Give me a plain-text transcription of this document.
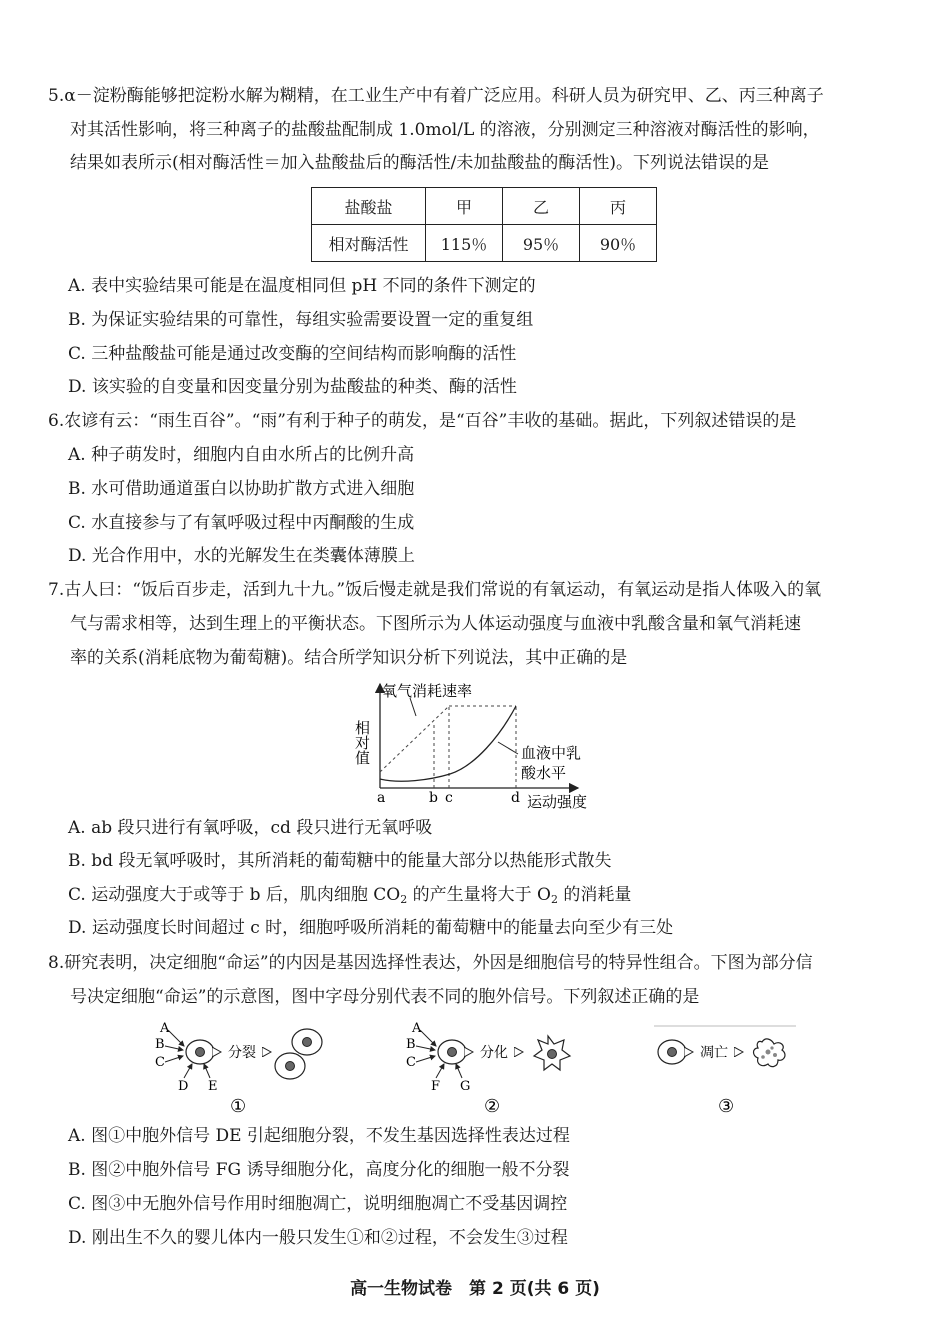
5.α－淀粉酶能够把淀粉水解为糊精，在工业生产中有着广泛应用。科研人员为研究甲、乙、丙三种离子
对其活性影响，将三种离子的盐酸盐配制成 1.0mol/L 的溶液，分别测定三种溶液对酶活性的影响，
结果如表所示(相对酶活性＝加入盐酸盐后的酶活性/未加盐酸盐的酶活性)。下列说法错误的是
盐酸盐	甲	乙	丙
相对酶活性	115％	95％	90％
A. 表中实验结果可能是在温度相同但 pH 不同的条件下测定的
B. 为保证实验结果的可靠性，每组实验需要设置一定的重复组
C. 三种盐酸盐可能是通过改变酶的空间结构而影响酶的活性
D. 该实验的自变量和因变量分别为盐酸盐的种类、酶的活性
6.农谚有云：“雨生百谷”。“雨”有利于种子的萌发，是“百谷”丰收的基础。据此，下列叙述错误的是
A. 种子萌发时，细胞内自由水所占的比例升高
B. 水可借助通道蛋白以协助扩散方式进入细胞
C. 水直接参与了有氧呼吸过程中丙酮酸的生成
D. 光合作用中，水的光解发生在类囊体薄膜上
7.古人曰：“饭后百步走，活到九十九。”饭后慢走就是我们常说的有氧运动，有氧运动是指人体吸入的氧
气与需求相等，达到生理上的平衡状态。下图所示为人体运动强度与血液中乳酸含量和氧气消耗速
率的关系(消耗底物为葡萄糖)。结合所学知识分析下列说法，其中正确的是
氧气消耗速率
相对值	血液中乳
酸水平
a	b c	d 运动强度
A. ab 段只进行有氧呼吸，cd 段只进行无氧呼吸
B. bd 段无氧呼吸时，其所消耗的葡萄糖中的能量大部分以热能形式散失
C. 运动强度大于或等于 b 后，肌肉细胞 $CO_2$ 的产生量将大于 $O_2$ 的消耗量
D. 运动强度长时间超过 c 时，细胞呼吸所消耗的葡萄糖中的能量去向至少有三处
8.研究表明，决定细胞“命运”的内因是基因选择性表达，外因是细胞信号的特异性组合。下图为部分信
号决定细胞“命运”的示意图，图中字母分别代表不同的胞外信号。下列叙述正确的是
A
B
C
D E
分裂
①
A
B
C
F G
分化
②
凋亡
③
A. 图①中胞外信号 DE 引起细胞分裂，不发生基因选择性表达过程
B. 图②中胞外信号 FG 诱导细胞分化，高度分化的细胞一般不分裂
C. 图③中无胞外信号作用时细胞凋亡，说明细胞凋亡不受基因调控
D. 刚出生不久的婴儿体内一般只发生①和②过程，不会发生③过程
高一生物试卷　第 2 页(共 6 页)
